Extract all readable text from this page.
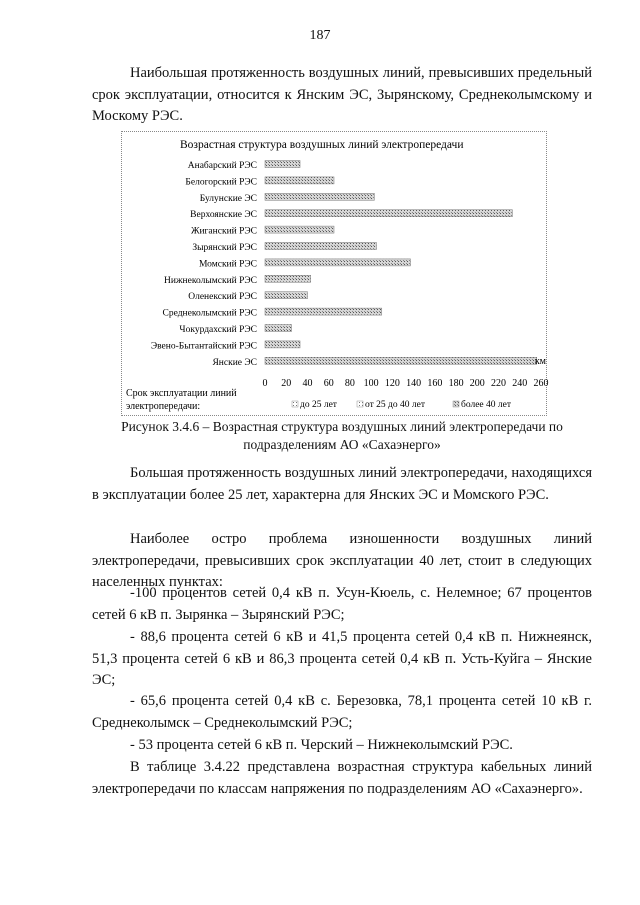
187

Наибольшая протяженность воздушных линий, превысивших предельный срок эксплуатации, относится к Янским ЭС, Зырянскому, Среднеколымскому и Москому РЭС.

Возрастная структура воздушных линий электропередачи
Анабарский РЭС
Белогорский РЭС
Булунские ЭС
Верхоянские ЭС
Жиганский РЭС
Зырянский РЭС
Момский РЭС
Нижнеколымский РЭС
Оленекский РЭС
Среднеколымский РЭС
Чокурдахский РЭС
Эвено-Бытантайский РЭС
Янские ЭС	км
0 20 40 60 80 100 120 140 160 180 200 220 240 260
Срок эксплуатации линий
электропередачи:	до 25 лет	от 25 до 40 лет	более 40 лет
Рисунок 3.4.6 – Возрастная структура воздушных линий электропередачи по подразделениям АО «Сахаэнерго»

Большая протяженность воздушных линий электропередачи, находящихся в эксплуатации более 25 лет, характерна для Янских ЭС и Момского РЭС.

Наиболее остро проблема изношенности воздушных линий электропередачи, превысивших срок эксплуатации 40 лет, стоит в следующих населенных пунктах:

-100 процентов сетей 0,4 кВ п. Усун-Кюель, с. Нелемное; 67 процентов сетей 6 кВ п. Зырянка – Зырянский РЭС;

- 88,6 процента сетей 6 кВ и 41,5 процента сетей 0,4 кВ п. Нижнеянск, 51,3 процента сетей 6 кВ и 86,3 процента сетей 0,4 кВ п. Усть-Куйга – Янские ЭС;

- 65,6 процента сетей 0,4 кВ с. Березовка, 78,1 процента сетей 10 кВ г. Среднеколымск – Среднеколымский РЭС;

- 53 процента сетей 6 кВ п. Черский – Нижнеколымский РЭС.

В таблице 3.4.22 представлена возрастная структура кабельных линий электропередачи по классам напряжения по подразделениям АО «Сахаэнерго».
